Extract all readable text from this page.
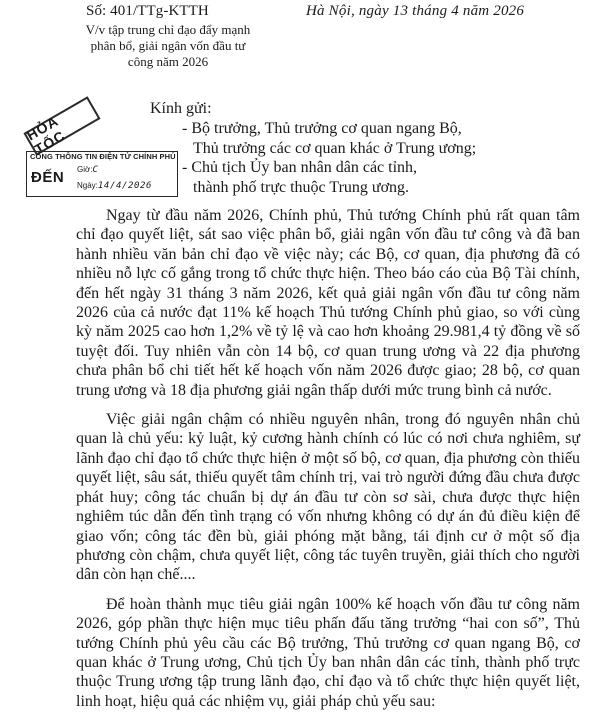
Số: 401/TTg-KTTH
V/v tập trung chỉ đạo đẩy mạnh
phân bổ, giải ngân vốn đầu tư
công năm 2026
Hà Nội, ngày 13 tháng 4 năm 2026
HỎA TỐC
CỔNG THÔNG TIN ĐIỆN TỬ CHÍNH PHỦ
ĐẾN Giờ:C
Ngày:14/4/2026
Kính gửi:
- Bộ trưởng, Thủ trưởng cơ quan ngang Bộ,
Thủ trưởng các cơ quan khác ở Trung ương;
- Chủ tịch Ủy ban nhân dân các tỉnh,
thành phố trực thuộc Trung ương.

Ngay từ đầu năm 2026, Chính phủ, Thủ tướng Chính phủ rất quan tâm chỉ đạo quyết liệt, sát sao việc phân bổ, giải ngân vốn đầu tư công và đã ban hành nhiều văn bản chỉ đạo về việc này; các Bộ, cơ quan, địa phương đã có nhiều nỗ lực cố gắng trong tổ chức thực hiện. Theo báo cáo của Bộ Tài chính, đến hết ngày 31 tháng 3 năm 2026, kết quả giải ngân vốn đầu tư công năm 2026 của cả nước đạt 11% kế hoạch Thủ tướng Chính phủ giao, so với cùng kỳ năm 2025 cao hơn 1,2% về tỷ lệ và cao hơn khoảng 29.981,4 tỷ đồng về số tuyệt đối. Tuy nhiên vẫn còn 14 bộ, cơ quan trung ương và 22 địa phương chưa phân bổ chi tiết hết kế hoạch vốn năm 2026 được giao; 28 bộ, cơ quan trung ương và 18 địa phương giải ngân thấp dưới mức trung bình cả nước.

Việc giải ngân chậm có nhiều nguyên nhân, trong đó nguyên nhân chủ quan là chủ yếu: kỷ luật, kỷ cương hành chính có lúc có nơi chưa nghiêm, sự lãnh đạo chỉ đạo tổ chức thực hiện ở một số bộ, cơ quan, địa phương còn thiếu quyết liệt, sâu sát, thiếu quyết tâm chính trị, vai trò người đứng đầu chưa được phát huy; công tác chuẩn bị dự án đầu tư còn sơ sài, chưa được thực hiện nghiêm túc dẫn đến tình trạng có vốn nhưng không có dự án đủ điều kiện để giao vốn; công tác đền bù, giải phóng mặt bằng, tái định cư ở một số địa phương còn chậm, chưa quyết liệt, công tác tuyên truyền, giải thích cho người dân còn hạn chế....

Để hoàn thành mục tiêu giải ngân 100% kế hoạch vốn đầu tư công năm 2026, góp phần thực hiện mục tiêu phấn đấu tăng trưởng “hai con số”, Thủ tướng Chính phủ yêu cầu các Bộ trưởng, Thủ trưởng cơ quan ngang Bộ, cơ quan khác ở Trung ương, Chủ tịch Ủy ban nhân dân các tỉnh, thành phố trực thuộc Trung ương tập trung lãnh đạo, chỉ đạo và tổ chức thực hiện quyết liệt, linh hoạt, hiệu quả các nhiệm vụ, giải pháp chủ yếu sau:
